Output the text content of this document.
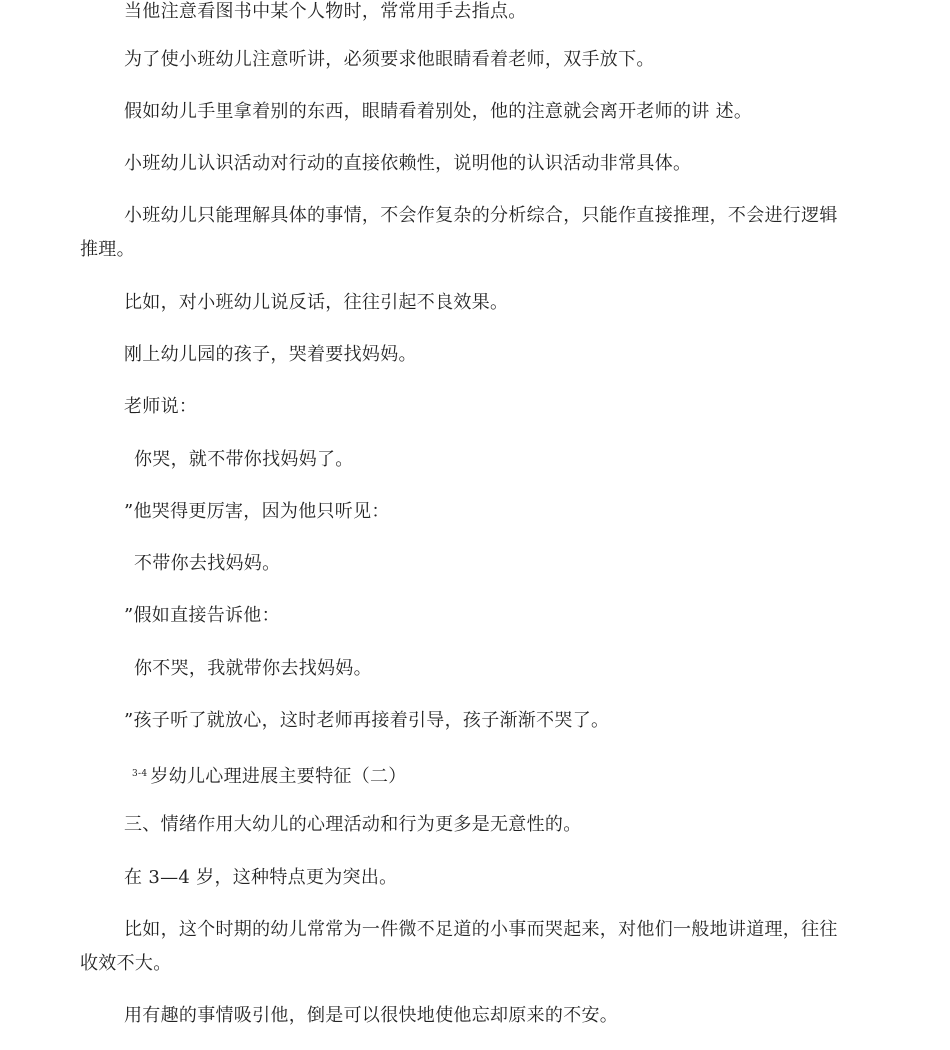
当他注意看图书中某个人物时，常常用手去指点。

为了使小班幼儿注意听讲，必须要求他眼睛看着老师，双手放下。

假如幼儿手里拿着别的东西，眼睛看着别处，他的注意就会离开老师的讲 述。

小班幼儿认识活动对行动的直接依赖性，说明他的认识活动非常具体。

小班幼儿只能理解具体的事情，不会作复杂的分析综合，只能作直接推理，不会进行逻辑推理。

比如，对小班幼儿说反话，往往引起不良效果。

刚上幼儿园的孩子，哭着要找妈妈。

老师说：

你哭，就不带你找妈妈了。

”他哭得更厉害，因为他只听见：

不带你去找妈妈。

”假如直接告诉他：

你不哭，我就带你去找妈妈。

”孩子听了就放心，这时老师再接着引导，孩子渐渐不哭了。

$^{3-4}$ 岁幼儿心理进展主要特征（二）

三、情绪作用大幼儿的心理活动和行为更多是无意性的。

在 3—4 岁，这种特点更为突出。

比如，这个时期的幼儿常常为一件微不足道的小事而哭起来，对他们一般地讲道理，往往收效不大。

用有趣的事情吸引他，倒是可以很快地使他忘却原来的不安。
